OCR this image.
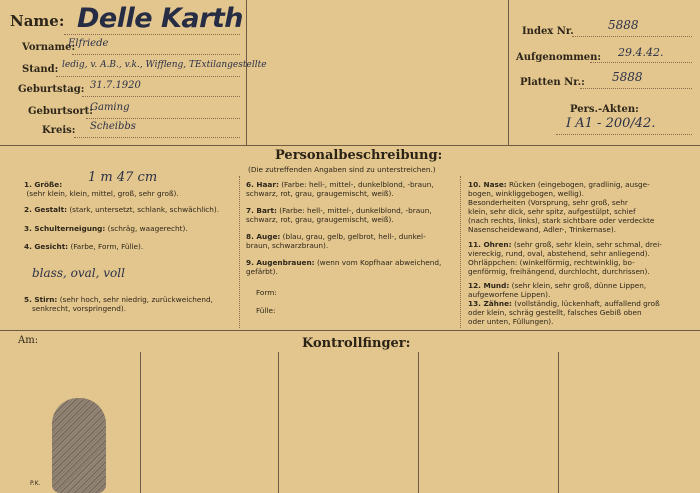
Name: Delle Karth
Vorname:
Elfriede
Stand: ledig, v. A.B., v.k., Wiffleng, TExtilangestellte
Geburtstag: 31.7.1920
Geburtsort:
Gaming
Kreis: Scheibbs
Index Nr.	5888
Aufgenommen: 29.4.42.
Platten Nr.: 5888
Pers.-Akten:
I A1 - 200/42.
Personalbeschreibung:
(Die zutreffenden Angaben sind zu unterstreichen.)
1. Größe: (sehr klein, klein, mittel, groß, sehr groß).
1 m 47 cm
2. Gestalt: (stark, untersetzt, schlank, schwächlich).
3. Schulterneigung: (schräg, waagerecht).
4. Gesicht: (Farbe, Form, Fülle).
blass, oval, voll
5. Stirn: (sehr hoch, sehr niedrig, zurückweichend,
senkrecht, vorspringend).
6. Haar: (Farbe: hell-, mittel-, dunkelblond, -braun,
schwarz, rot, grau, graugemischt, weiß).
7. Bart: (Farbe: hell-, mittel-, dunkelblond, -braun,
schwarz, rot, grau, graugemischt, weiß).
8. Auge: (blau, grau, gelb, gelbrot, hell-, dunkel-
braun, schwarzbraun).
9. Augenbrauen: (wenn vom Kopfhaar abweichend,
gefärbt).
Form:
Fülle:
10. Nase: Rücken (eingebogen, gradlinig, ausge-
bogen, winkliggebogen, wellig).
Besonderheiten (Vorsprung, sehr groß, sehr
klein, sehr dick, sehr spitz, aufgestülpt, schief
(nach rechts, links), stark sichtbare oder verdeckte
Nasenscheidewand, Adler-, Trinkernase).
11. Ohren: (sehr groß, sehr klein, sehr schmal, drei-
viereckig, rund, oval, abstehend, sehr anliegend).
Ohrläppchen: (winkelförmig, rechtwinklig, bo-
genförmig, freihängend, durchlocht, durchrissen).
12. Mund: (sehr klein, sehr groß, dünne Lippen,
aufgeworfene Lippen).
13. Zähne: (vollständig, lückenhaft, auffallend groß
oder klein, schräg gestellt, falsches Gebiß oben
oder unten, Füllungen).
Am:	Kontrollfinger:
P.K.
